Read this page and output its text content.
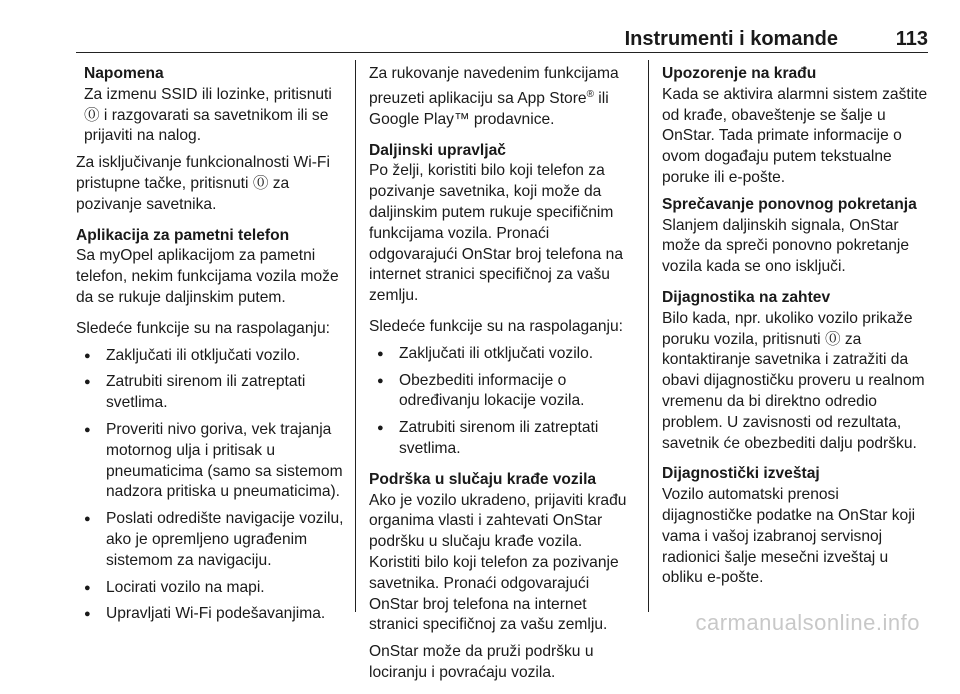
Instrumenti i komande	113
Napomena
Za izmenu SSID ili lozinke, pritisnuti ⓪ i razgovarati sa savetnikom ili se prijaviti na nalog.

Za isključivanje funkcionalnosti Wi-Fi pristupne tačke, pritisnuti ⓪ za pozivanje savetnika.

Aplikacija za pametni telefon

Sa myOpel aplikacijom za pametni telefon, nekim funkcijama vozila može da se rukuje daljinskim putem.

Sledeće funkcije su na raspolaganju:

● Zaključati ili otključati vozilo.
● Zatrubiti sirenom ili zatreptati svetlima.
● Proveriti nivo goriva, vek trajanja motornog ulja i pritisak u pneumaticima (samo sa sistemom nadzora pritiska u pneumaticima).
● Poslati odredište navigacije vozilu, ako je opremljeno ugrađenim sistemom za navigaciju.
● Locirati vozilo na mapi.
● Upravljati Wi-Fi podešavanjima.

Za rukovanje navedenim funkcijama preuzeti aplikaciju sa App Store® ili Google Play™ prodavnice.

Daljinski upravljač

Po želji, koristiti bilo koji telefon za pozivanje savetnika, koji može da daljinskim putem rukuje specifičnim funkcijama vozila. Pronaći odgovarajući OnStar broj telefona na internet stranici specifičnoj za vašu zemlju.

Sledeće funkcije su na raspolaganju:

● Zaključati ili otključati vozilo.
● Obezbediti informacije o određivanju lokacije vozila.
● Zatrubiti sirenom ili zatreptati svetlima.
Podrška u slučaju krađe vozila

Ako je vozilo ukradeno, prijaviti krađu organima vlasti i zahtevati OnStar podršku u slučaju krađe vozila. Koristiti bilo koji telefon za pozivanje savetnika. Pronaći odgovarajući OnStar broj telefona na internet stranici specifičnoj za vašu zemlju.

OnStar može da pruži podršku u lociranju i povraćaju vozila.

Upozorenje na krađu

Kada se aktivira alarmni sistem zaštite od krađe, obaveštenje se šalje u OnStar. Tada primate informacije o ovom događaju putem tekstualne poruke ili e-pošte.

Sprečavanje ponovnog pokretanja

Slanjem daljinskih signala, OnStar može da spreči ponovno pokretanje vozila kada se ono isključi.

Dijagnostika na zahtev

Bilo kada, npr. ukoliko vozilo prikaže poruku vozila, pritisnuti ⓪ za kontaktiranje savetnika i zatražiti da obavi dijagnostičku proveru u realnom vremenu da bi direktno odredio problem. U zavisnosti od rezultata, savetnik će obezbediti dalju podršku.

Dijagnostički izveštaj

Vozilo automatski prenosi dijagnostičke podatke na OnStar koji vama i vašoj izabranoj servisnoj radionici šalje mesečni izveštaj u obliku e-pošte.

carmanualsonline.info
